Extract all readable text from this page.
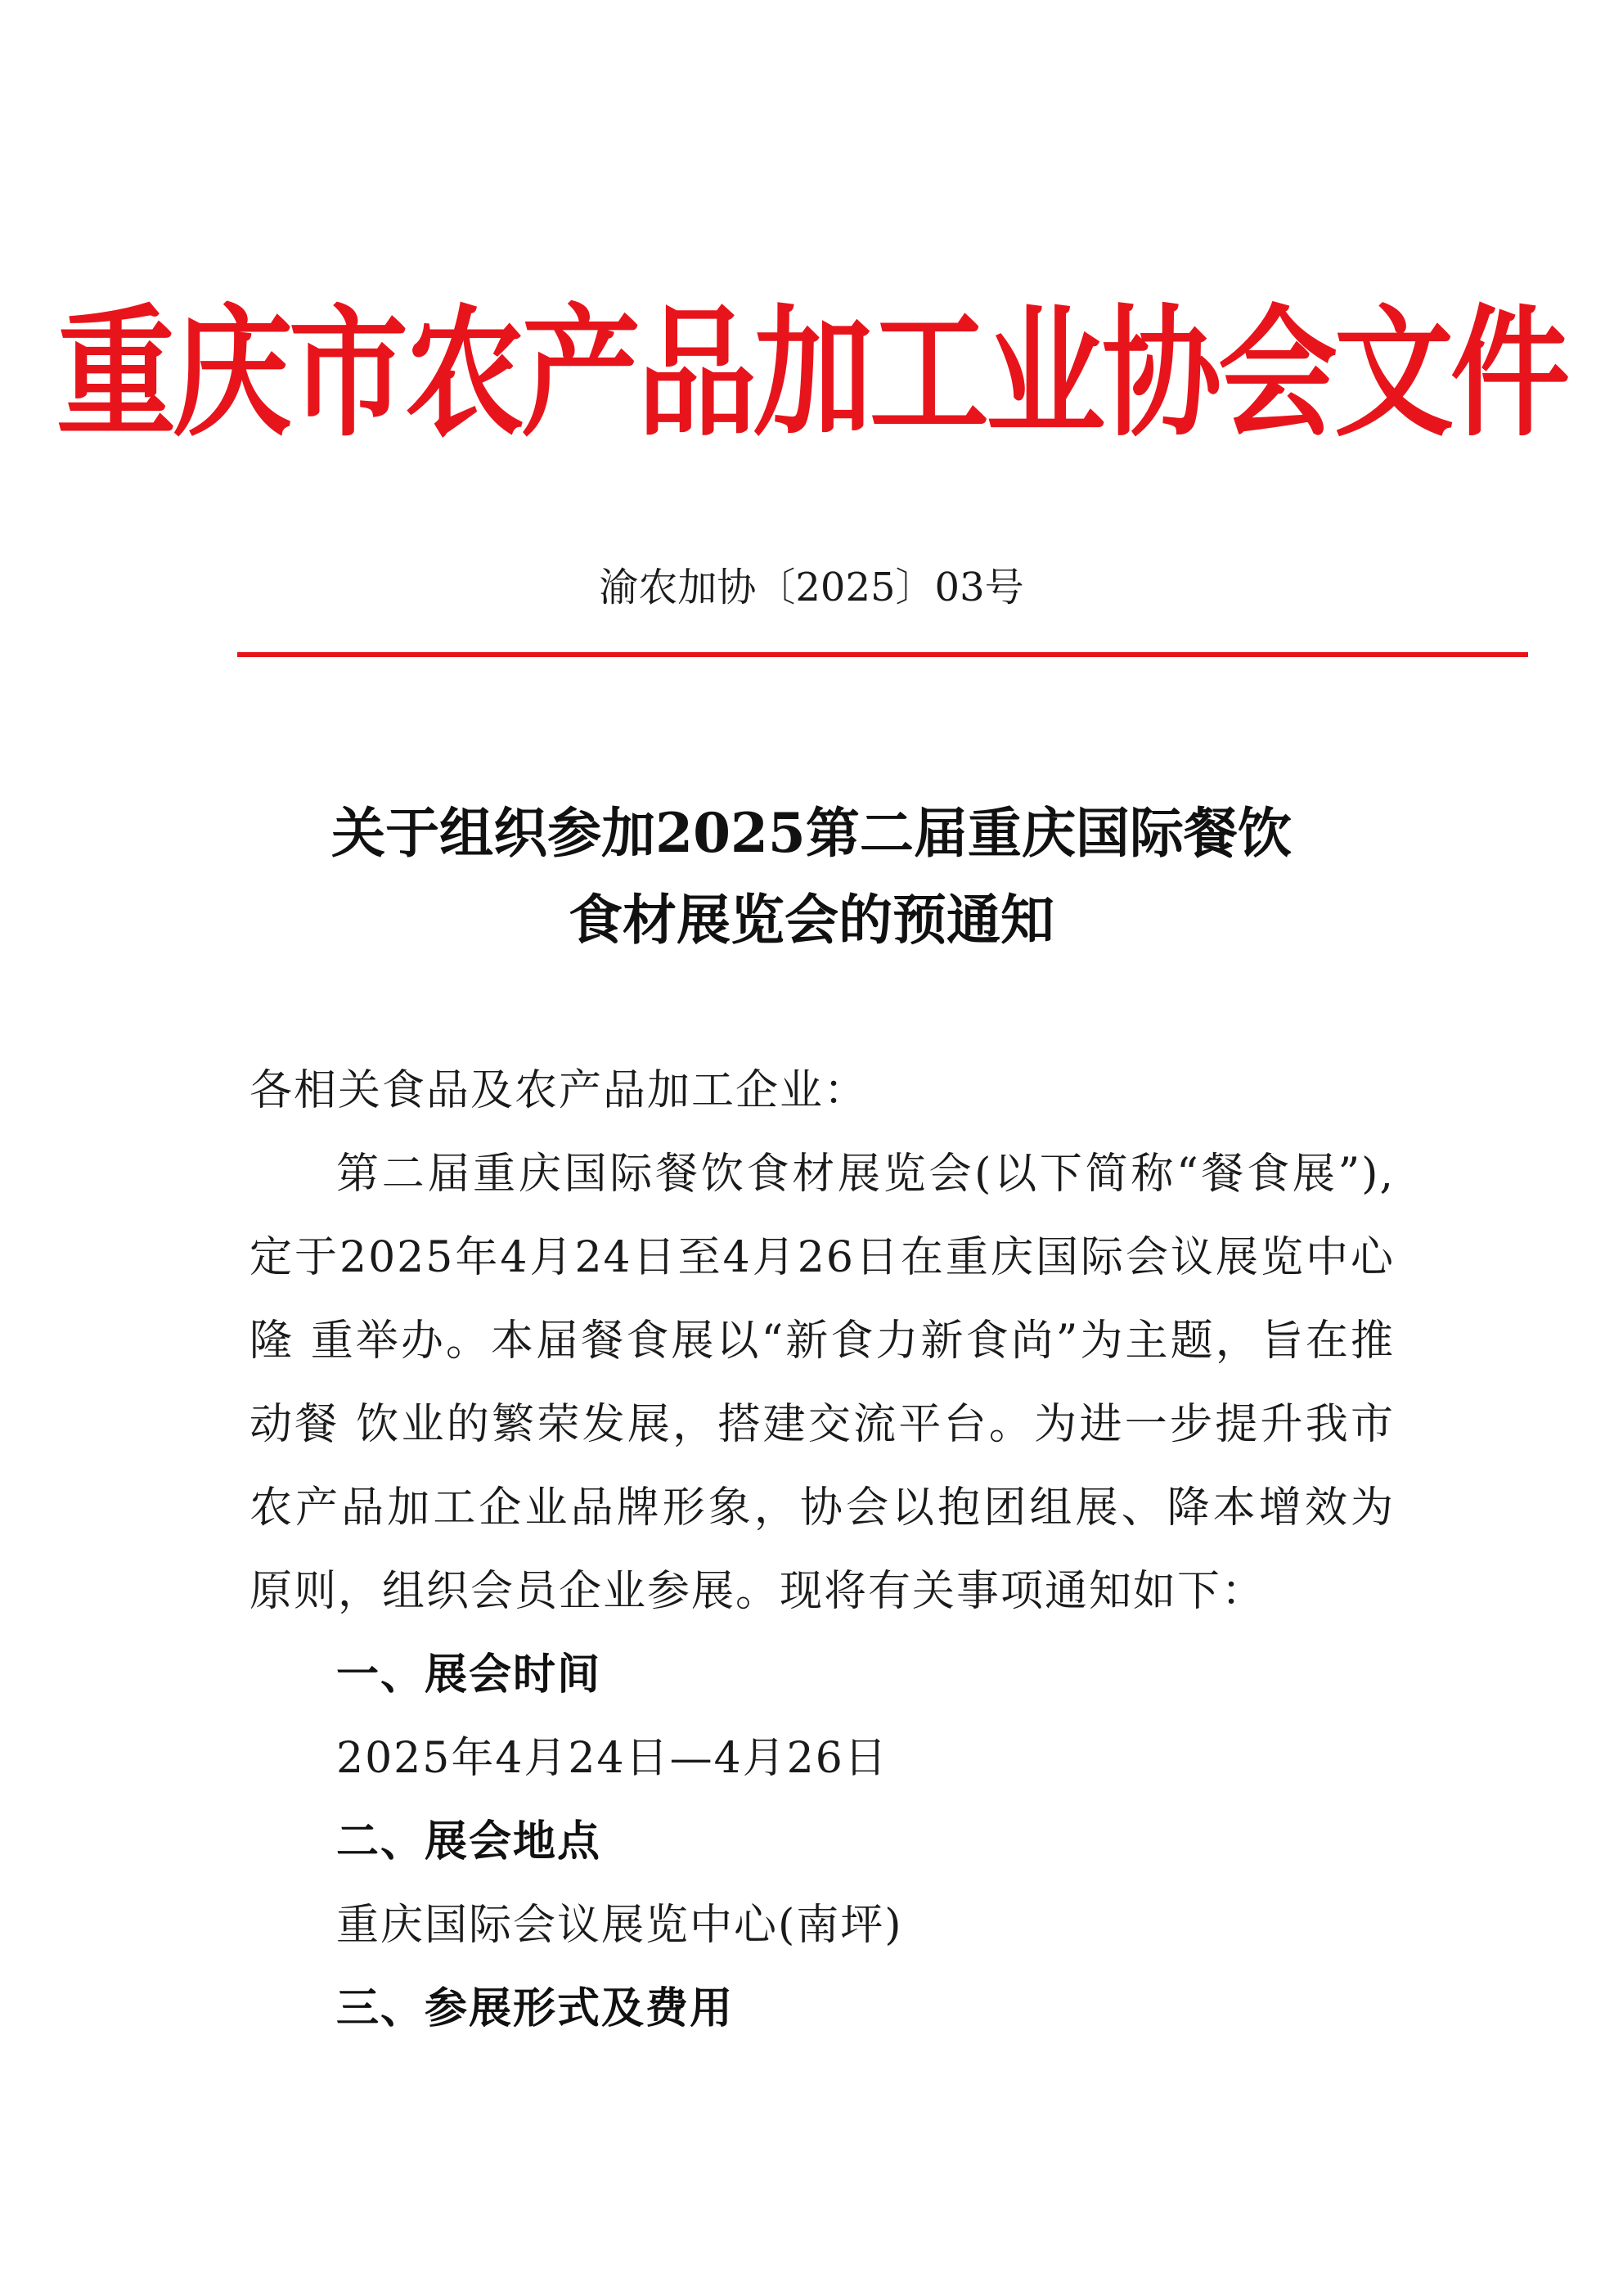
重庆市农产品加工业协会文件
渝农加协〔2025〕03号
关于组织参加2025第二届重庆国际餐饮
食材展览会的预通知

各相关食品及农产品加工企业：

第二届重庆国际餐饮食材展览会(以下简称“餐食展”),定于2025年4月24日至4月26日在重庆国际会议展览中心隆 重举办。本届餐食展以“新食力新食尚”为主题，旨在推动餐 饮业的繁荣发展，搭建交流平台。为进一步提升我市农产品加工企业品牌形象，协会以抱团组展、降本增效为原则，组织会员企业参展。现将有关事项通知如下：

一、展会时间

2025年4月24日—4月26日

二、展会地点

重庆国际会议展览中心(南坪)

三、参展形式及费用
